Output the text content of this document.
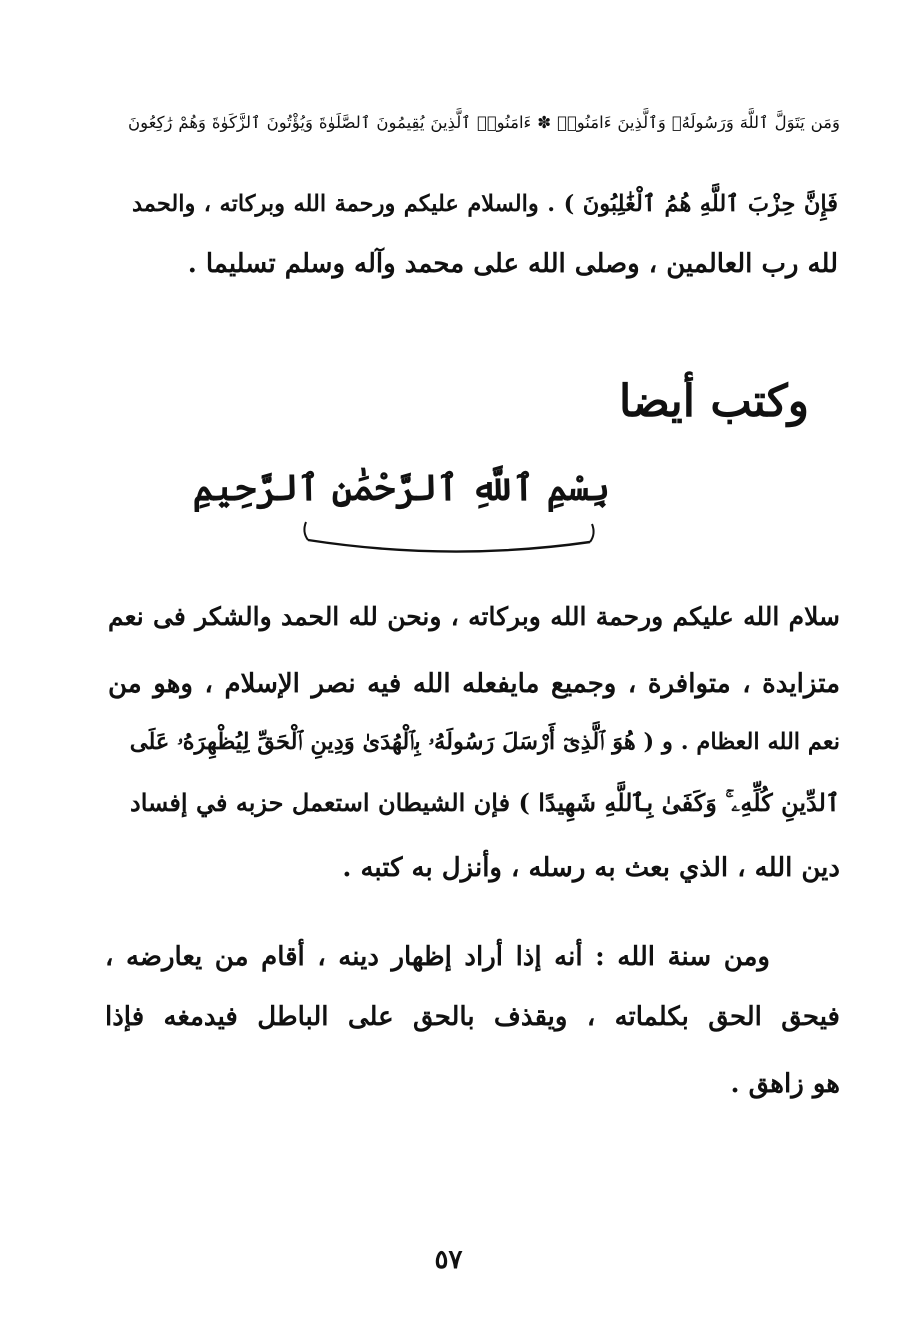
وَمَن يَتَوَلَّ ٱللَّهَ وَرَسُولَهُۥ وَٱلَّذِينَ ءَامَنُوا۟ ✽ ءَامَنُوا۟ ٱلَّذِينَ يُقِيمُونَ ٱلصَّلَوٰةَ وَيُؤْتُونَ ٱلزَّكَوٰةَ وَهُمْ رَٰكِعُونَ
فَإِنَّ حِزْبَ ٱللَّهِ هُمُ ٱلْغَٰلِبُونَ ) . والسلام عليكم ورحمة الله وبركاته ، والحمد
لله رب العالمين ، وصلى الله على محمد وآله وسلم تسليما .
وكتب أيضا
بِسْمِ ٱللَّهِ ٱلرَّحْمَٰنِ ٱلرَّحِيمِ
سلام الله عليكم ورحمة الله وبركاته ، ونحن لله الحمد والشكر فى نعم
متزايدة ، متوافرة ، وجميع مايفعله الله فيه نصر الإسلام ، وهو من
نعم الله العظام . و ( هُوَ ٱلَّذِىٓ أَرْسَلَ رَسُولَهُۥ بِٱلْهُدَىٰ وَدِينِ ٱلْحَقِّ لِيُظْهِرَهُۥ عَلَى
ٱلدِّينِ كُلِّهِۦ ۚ وَكَفَىٰ بِٱللَّهِ شَهِيدًا ) فإن الشيطان استعمل حزبه في إفساد
دين الله ، الذي بعث به رسله ، وأنزل به كتبه .
ومن سنة الله : أنه إذا أراد إظهار دينه ، أقام من يعارضه ،
فيحق الحق بكلماته ، ويقذف بالحق على الباطل فيدمغه فإذا
هو زاهق .
٥٧
